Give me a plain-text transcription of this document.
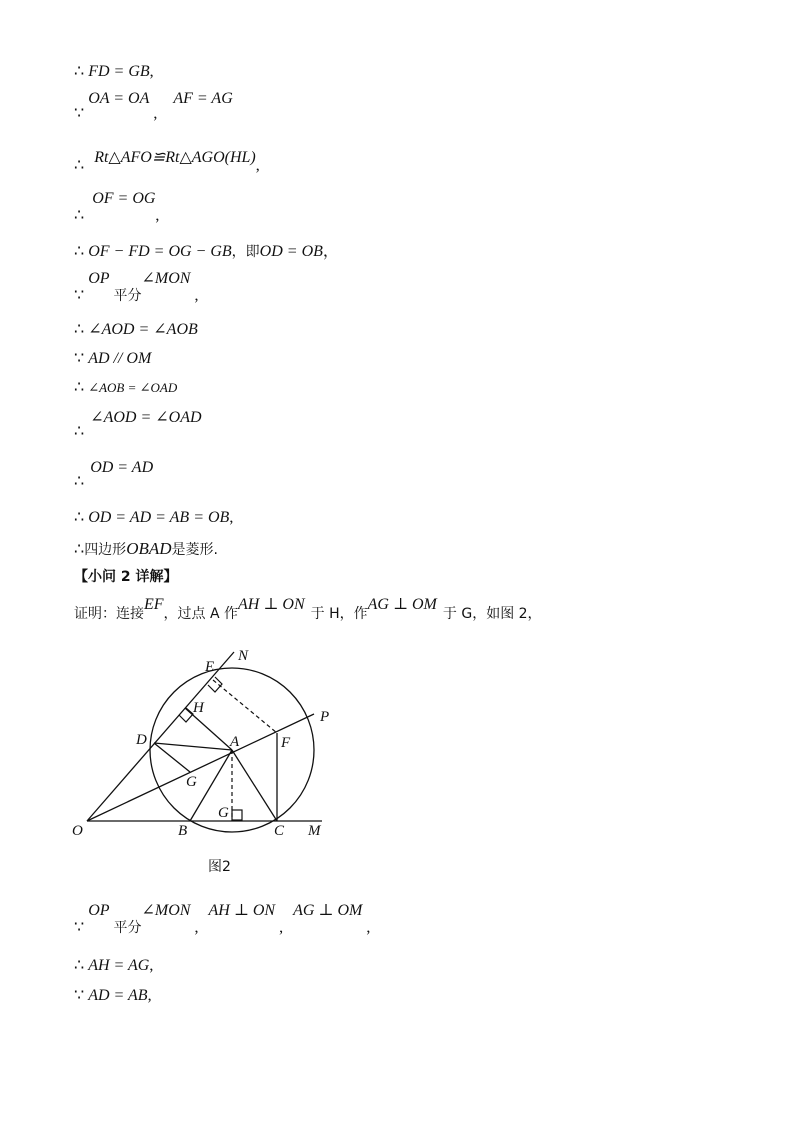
∴ FD = GB,
∵ OA = OA , AF = AG
∴ Rt△AFO≌Rt△AGO(HL),
∴ OF = OG,
∴ OF − FD = OG − GB，即OD = OB，
∵ OP 平分∠MON ,
∴ ∠AOD = ∠AOB
∵ AD // OM
∴ ∠AOB = ∠OAD
∴ ∠AOD = ∠OAD
∴ OD = AD
∴ OD = AD = AB = OB,
∴四边形OBAD是菱形.
【小问 2 详解】
证明：连接EF，过点 A 作AH ⊥ ON于 H，作AG ⊥ OM于 G，如图 2，
E
N
H
P
D	A	F
G
G
O	B	C M
图2
∵ OP 平分∠MON , AH ⊥ ON , AG ⊥ OM ,
∴ AH = AG,
∵ AD = AB,
